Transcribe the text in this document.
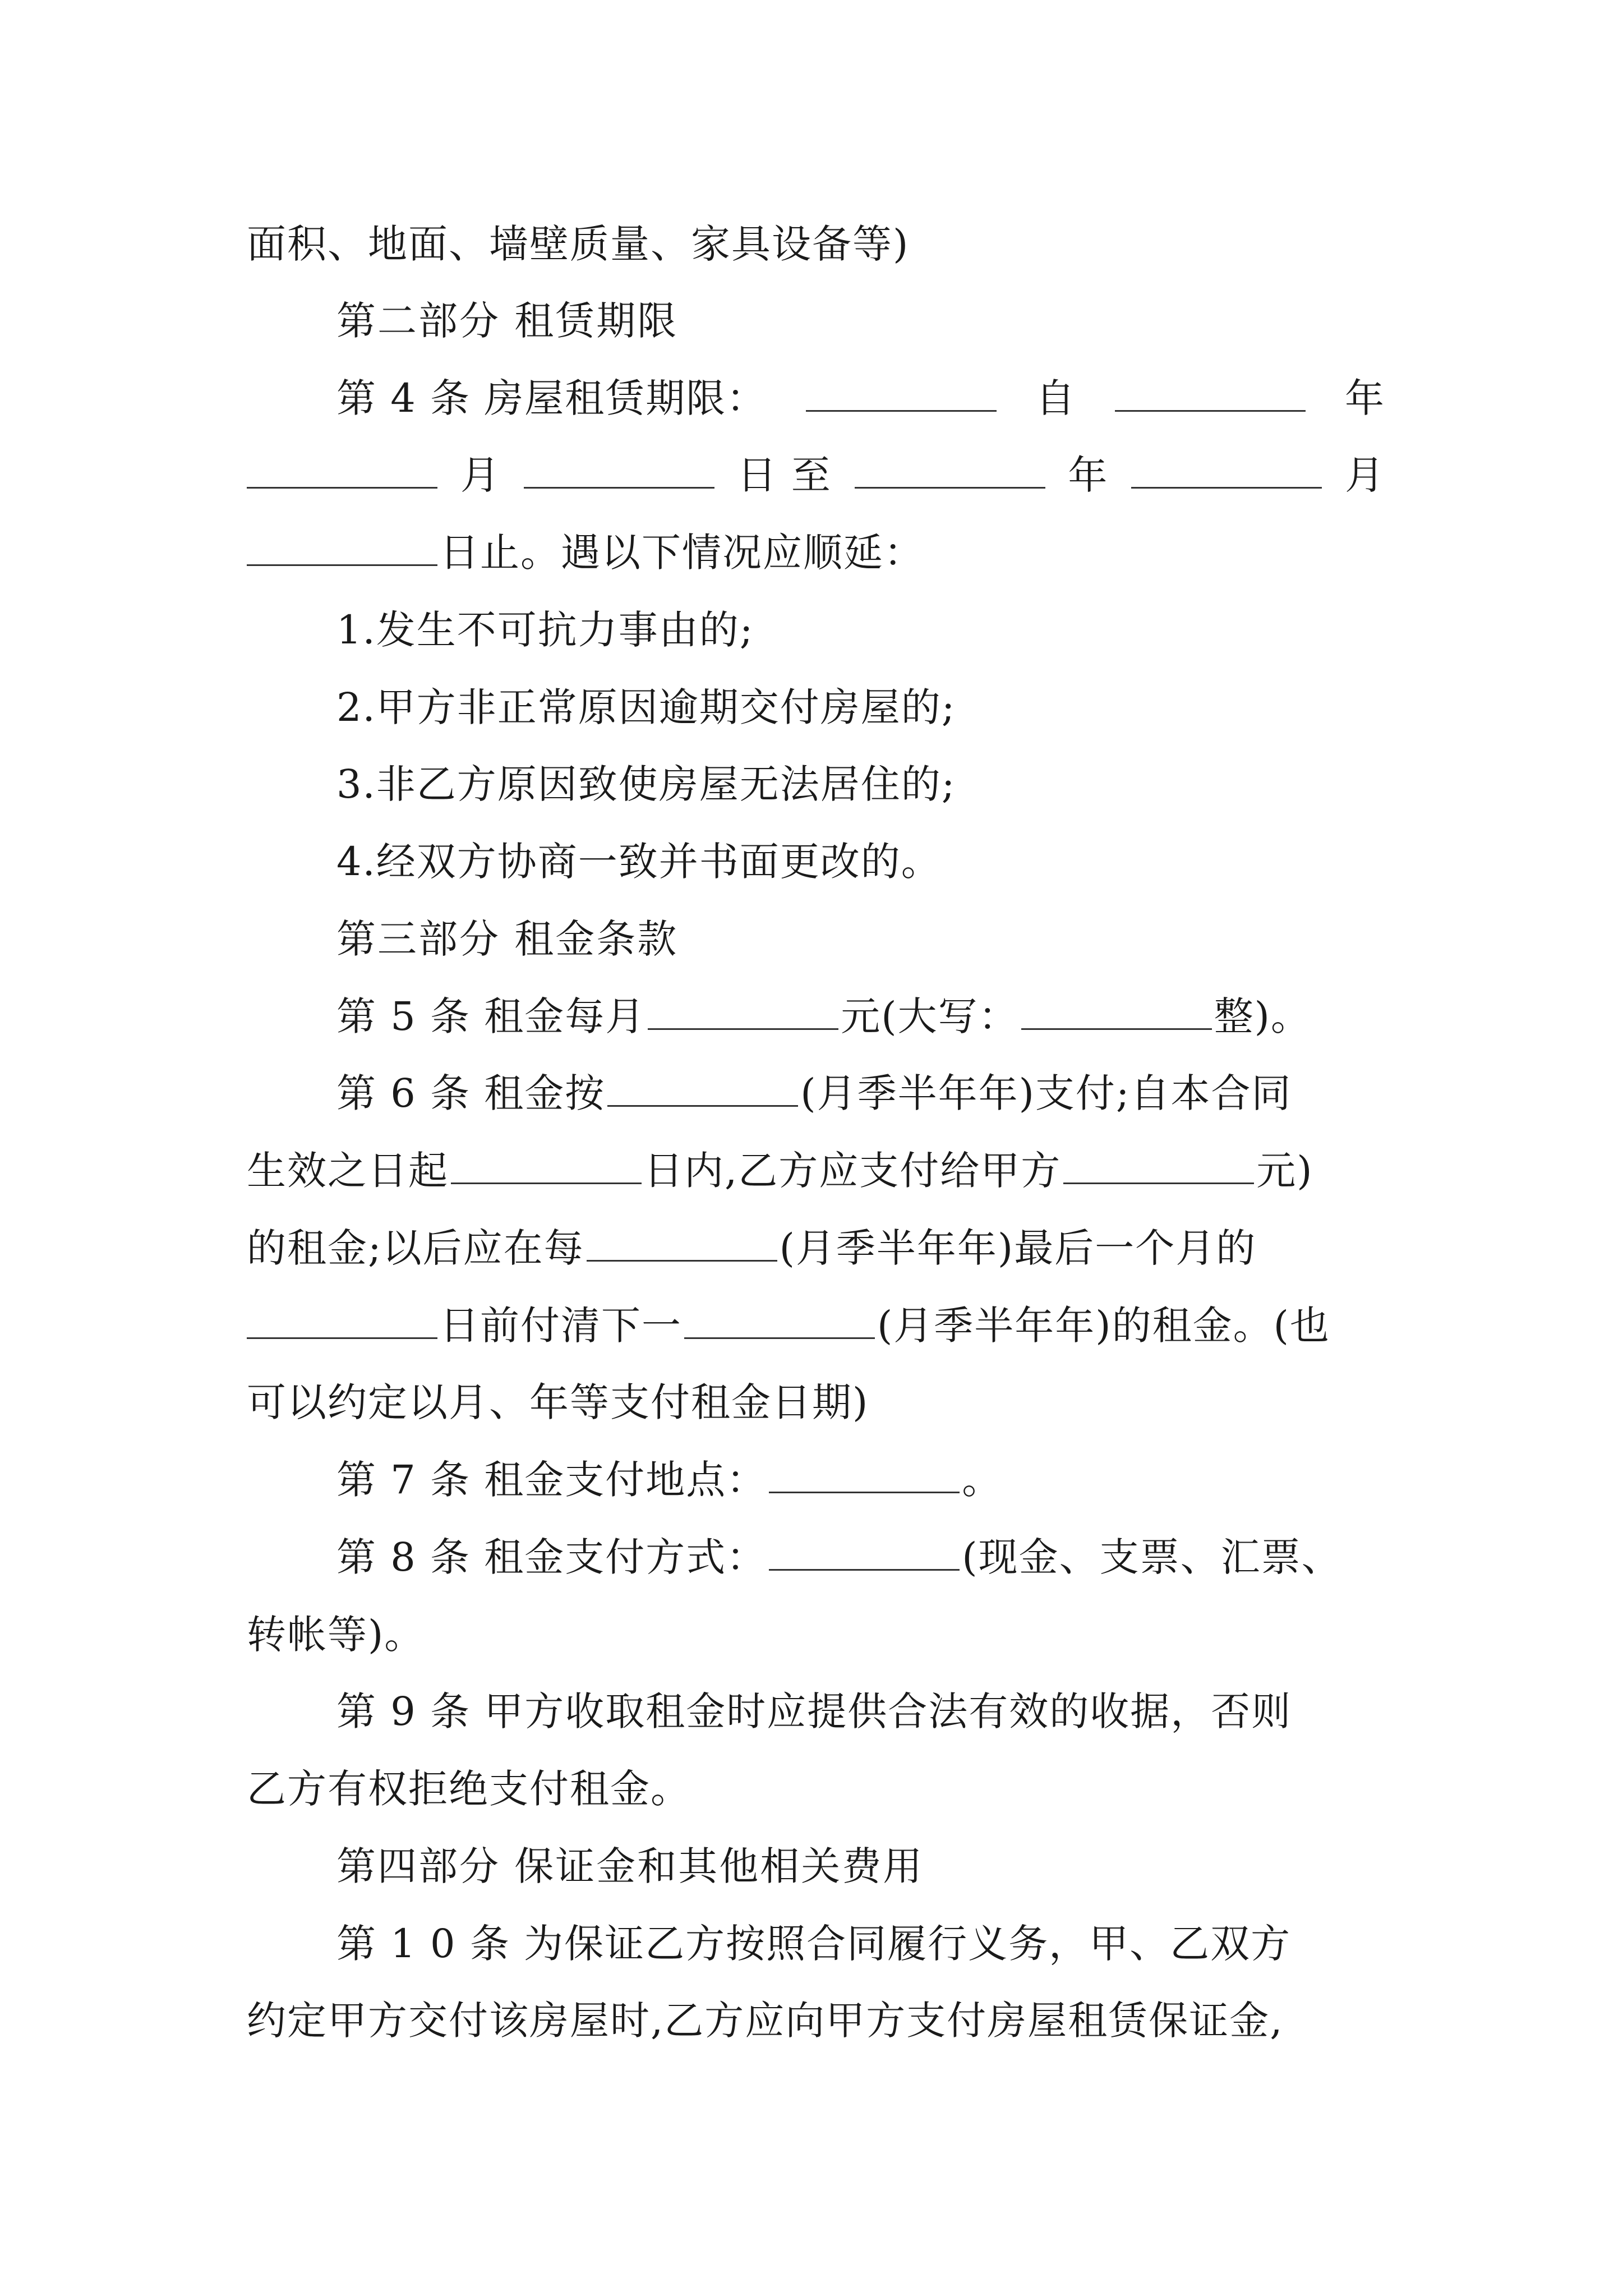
面积、地面、墙壁质量、家具设备等)
第二部分 租赁期限
第 4 条 房屋租赁期限：	自	年
月	日 至	年	月
日止。遇以下情况应顺延：
1.发生不可抗力事由的;
2.甲方非正常原因逾期交付房屋的;
3.非乙方原因致使房屋无法居住的;
4.经双方协商一致并书面更改的。
第三部分 租金条款
第 5 条 租金每月	元(大写：	整)。
第 6 条 租金按	(月季半年年)支付;自本合同
生效之日起	日内,乙方应支付给甲方	元)
的租金;以后应在每	(月季半年年)最后一个月的
日前付清下一	(月季半年年)的租金。(也
可以约定以月、年等支付租金日期)
第 7 条 租金支付地点：	。
第 8 条 租金支付方式：	(现金、支票、汇票、
转帐等)。
第 9 条 甲方收取租金时应提供合法有效的收据，否则
乙方有权拒绝支付租金。
第四部分 保证金和其他相关费用
第 1 0 条 为保证乙方按照合同履行义务，甲、乙双方
约定甲方交付该房屋时,乙方应向甲方支付房屋租赁保证金,
